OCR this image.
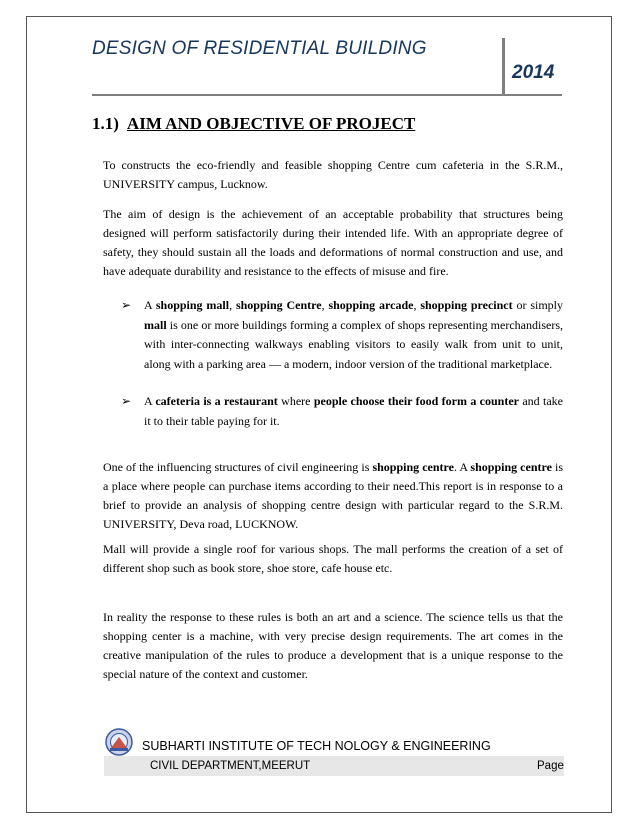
DESIGN OF RESIDENTIAL BUILDING
2014
1.1) AIM AND OBJECTIVE OF PROJECT

To constructs the eco-friendly and feasible shopping Centre cum cafeteria in the S.R.M., UNIVERSITY campus, Lucknow.

The aim of design is the achievement of an acceptable probability that structures being designed will perform satisfactorily during their intended life. With an appropriate degree of safety, they should sustain all the loads and deformations of normal construction and use, and have adequate durability and resistance to the effects of misuse and fire.

➢ A shopping mall, shopping Centre, shopping arcade, shopping precinct or simply mall is one or more buildings forming a complex of shops representing merchandisers, with inter-connecting walkways enabling visitors to easily walk from unit to unit, along with a parking area — a modern, indoor version of the traditional marketplace.

➢ A cafeteria is a restaurant where people choose their food form a counter and take it to their table paying for it.

One of the influencing structures of civil engineering is shopping centre. A shopping centre is a place where people can purchase items according to their need.This report is in response to a brief to provide an analysis of shopping centre design with particular regard to the S.R.M. UNIVERSITY, Deva road, LUCKNOW.

Mall will provide a single roof for various shops. The mall performs the creation of a set of different shop such as book store, shoe store, cafe house etc.

In reality the response to these rules is both an art and a science. The science tells us that the shopping center is a machine, with very precise design requirements. The art comes in the creative manipulation of the rules to produce a development that is a unique response to the special nature of the context and customer.

SUBHARTI INSTITUTE OF TECH NOLOGY & ENGINEERING
CIVIL DEPARTMENT,MEERUT	Page
